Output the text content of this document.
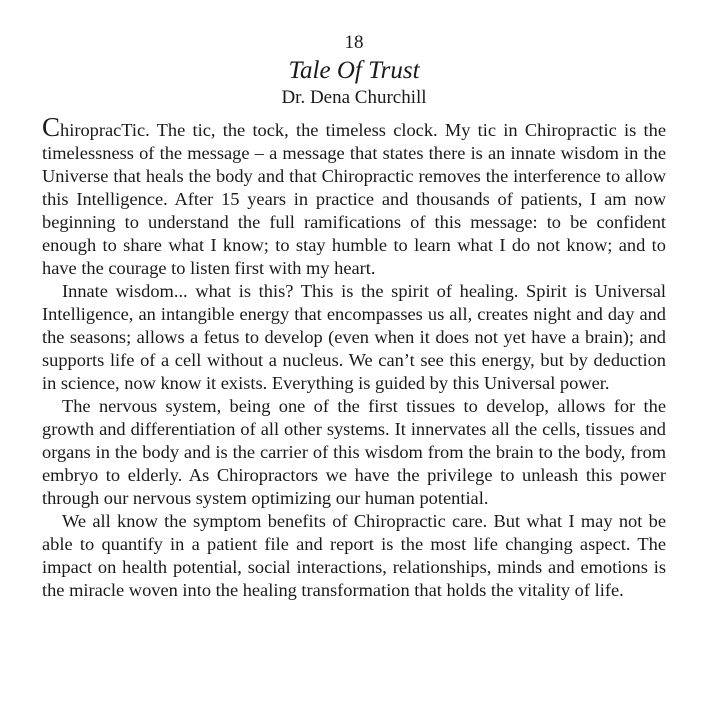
18
Tale Of Trust
Dr. Dena Churchill

ChiropracTic. The tic, the tock, the timeless clock. My tic in Chiropractic is the timelessness of the message – a message that states there is an innate wisdom in the Universe that heals the body and that Chiropractic removes the interference to allow this Intelligence. After 15 years in practice and thousands of patients, I am now beginning to understand the full ramifications of this message: to be confident enough to share what I know; to stay humble to learn what I do not know; and to have the courage to listen first with my heart.

Innate wisdom... what is this? This is the spirit of healing. Spirit is Universal Intelligence, an intangible energy that encompasses us all, creates night and day and the seasons; allows a fetus to develop (even when it does not yet have a brain); and supports life of a cell without a nucleus. We can’t see this energy, but by deduction in science, now know it exists. Everything is guided by this Universal power.

The nervous system, being one of the first tissues to develop, allows for the growth and differentiation of all other systems. It innervates all the cells, tissues and organs in the body and is the carrier of this wisdom from the brain to the body, from embryo to elderly. As Chiropractors we have the privilege to unleash this power through our nervous system optimizing our human potential.

We all know the symptom benefits of Chiropractic care. But what I may not be able to quantify in a patient file and report is the most life changing aspect. The impact on health potential, social interactions, relationships, minds and emotions is the miracle woven into the healing transformation that holds the vitality of life.
